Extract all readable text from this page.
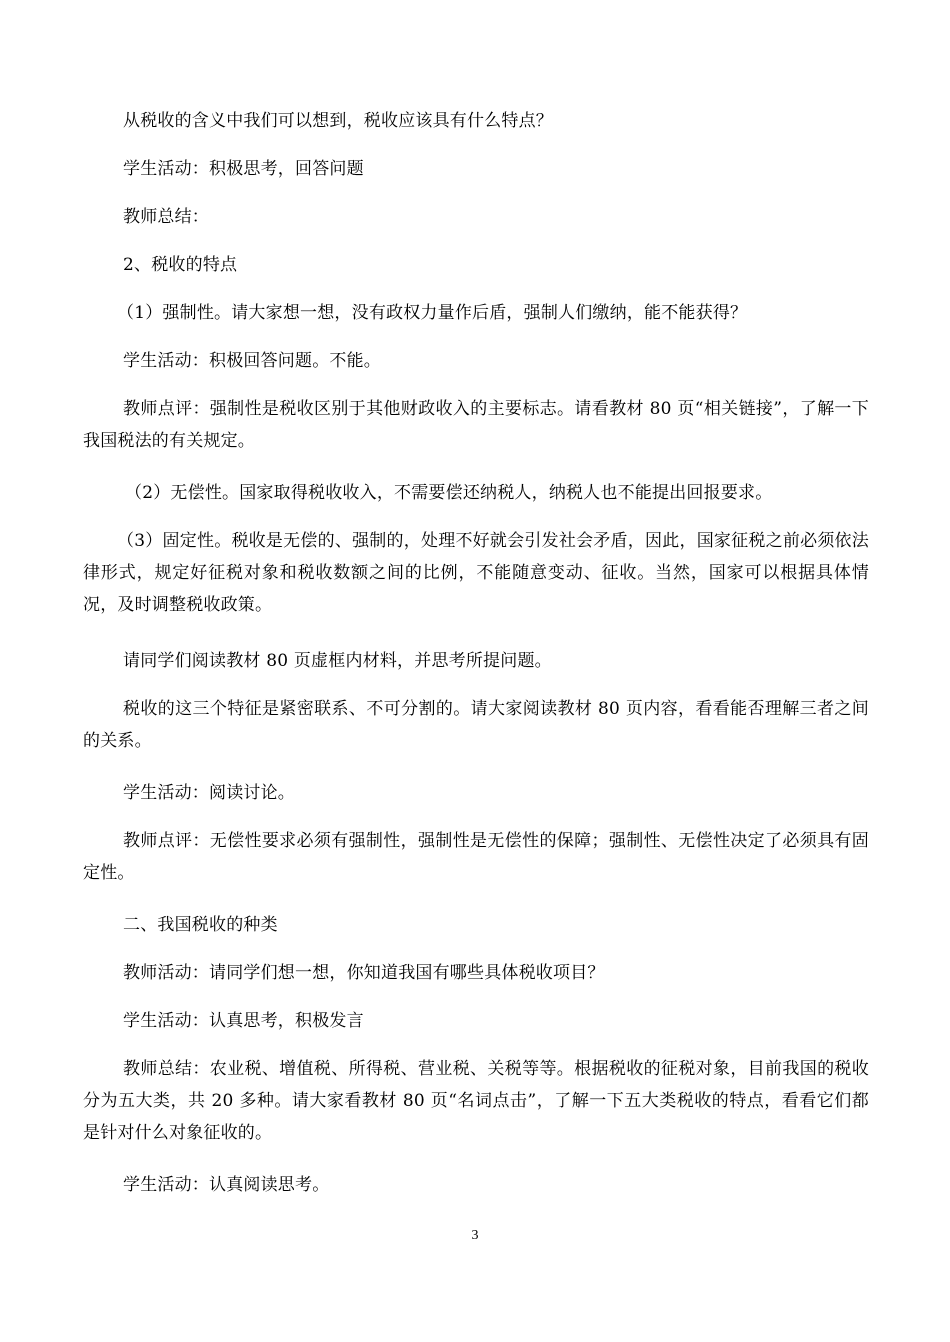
从税收的含义中我们可以想到，税收应该具有什么特点？

学生活动：积极思考，回答问题

教师总结：

2、税收的特点

（1）强制性。请大家想一想，没有政权力量作后盾，强制人们缴纳，能不能获得？

学生活动：积极回答问题。不能。

教师点评：强制性是税收区别于其他财政收入的主要标志。请看教材 80 页“相关链接”，了解一下我国税法的有关规定。

（2）无偿性。国家取得税收收入，不需要偿还纳税人，纳税人也不能提出回报要求。

（3）固定性。税收是无偿的、强制的，处理不好就会引发社会矛盾，因此，国家征税之前必须依法律形式，规定好征税对象和税收数额之间的比例，不能随意变动、征收。当然，国家可以根据具体情况，及时调整税收政策。

请同学们阅读教材 80 页虚框内材料，并思考所提问题。

税收的这三个特征是紧密联系、不可分割的。请大家阅读教材 80 页内容，看看能否理解三者之间的关系。

学生活动：阅读讨论。

教师点评：无偿性要求必须有强制性，强制性是无偿性的保障；强制性、无偿性决定了必须具有固定性。

二、我国税收的种类

教师活动：请同学们想一想，你知道我国有哪些具体税收项目？

学生活动：认真思考，积极发言

教师总结：农业税、增值税、所得税、营业税、关税等等。根据税收的征税对象，目前我国的税收分为五大类，共 20 多种。请大家看教材 80 页“名词点击”，了解一下五大类税收的特点，看看它们都是针对什么对象征收的。

学生活动：认真阅读思考。

3
